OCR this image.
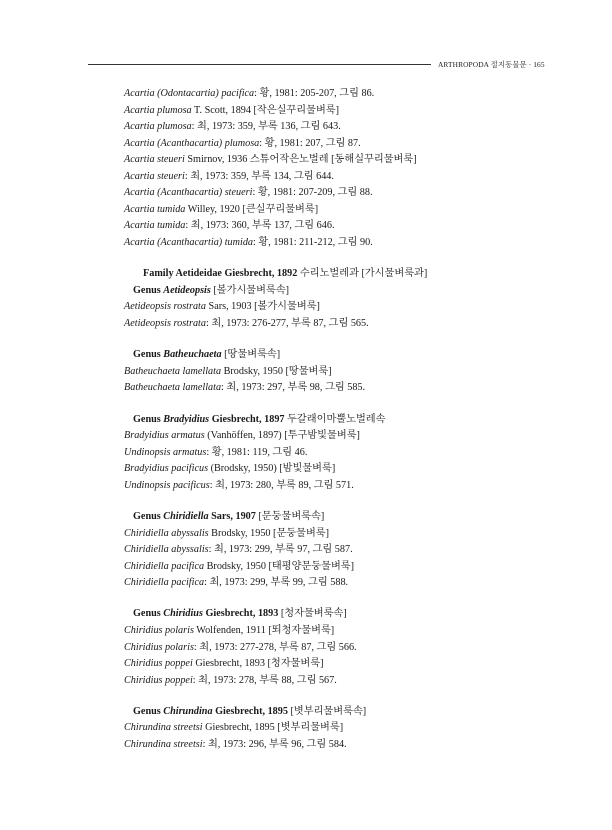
ARTHROPODA 절지동물문 · 165
Acartia (Odontacartia) pacifica: 황, 1981: 205-207, 그림 86.
Acartia plumosa T. Scott, 1894 [작은실꾸리물벼룩]
Acartia plumosa: 최, 1973: 359, 부록 136, 그림 643.
Acartia (Acanthacartia) plumosa: 황, 1981: 207, 그림 87.
Acartia steueri Smirnov, 1936 스튜어작은노벌레 [동해실꾸리물벼룩]
Acartia steueri: 최, 1973: 359, 부록 134, 그림 644.
Acartia (Acanthacartia) steueri: 황, 1981: 207-209, 그림 88.
Acartia tumida Willey, 1920 [큰실꾸리물벼룩]
Acartia tumida: 최, 1973: 360, 부록 137, 그림 646.
Acartia (Acanthacartia) tumida: 황, 1981: 211-212, 그림 90.
Family Aetideidae Giesbrecht, 1892 수리노벌레과 [가시물벼룩과]
Genus Aetideopsis [볼가시물벼룩속]
Aetideopsis rostrata Sars, 1903 [볼가시물벼룩]
Aetideopsis rostrata: 최, 1973: 276-277, 부록 87, 그림 565.
Genus Batheuchaeta [땅물벼룩속]
Batheuchaeta lamellata Brodsky, 1950 [땅물벼룩]
Batheuchaeta lamellata: 최, 1973: 297, 부록 98, 그림 585.
Genus Bradyidius Giesbrecht, 1897 두갈래이마뿔노벌레속
Bradyidius armatus (Vanhöffen, 1897) [투구밤빛물벼룩]
Undinopsis armatus: 황, 1981: 119, 그림 46.
Bradyidius pacificus (Brodsky, 1950) [밤빛물벼룩]
Undinopsis pacificus: 최, 1973: 280, 부록 89, 그림 571.
Genus Chiridiella Sars, 1907 [문둥물벼룩속]
Chiridiella abyssalis Brodsky, 1950 [문둥물벼룩]
Chiridiella abyssalis: 최, 1973: 299, 부록 97, 그림 587.
Chiridiella pacifica Brodsky, 1950 [태평양문둥물벼룩]
Chiridiella pacifica: 최, 1973: 299, 부록 99, 그림 588.
Genus Chiridius Giesbrecht, 1893 [청자물벼룩속]
Chiridius polaris Wolfenden, 1911 [뙤청자물벼룩]
Chiridius polaris: 최, 1973: 277-278, 부록 87, 그림 566.
Chiridius poppei Giesbrecht, 1893 [청자물벼룩]
Chiridius poppei: 최, 1973: 278, 부록 88, 그림 567.
Genus Chirundina Giesbrecht, 1895 [볏부리물벼룩속]
Chirundina streetsi Giesbrecht, 1895 [볏부리물벼룩]
Chirundina streetsi: 최, 1973: 296, 부록 96, 그림 584.
